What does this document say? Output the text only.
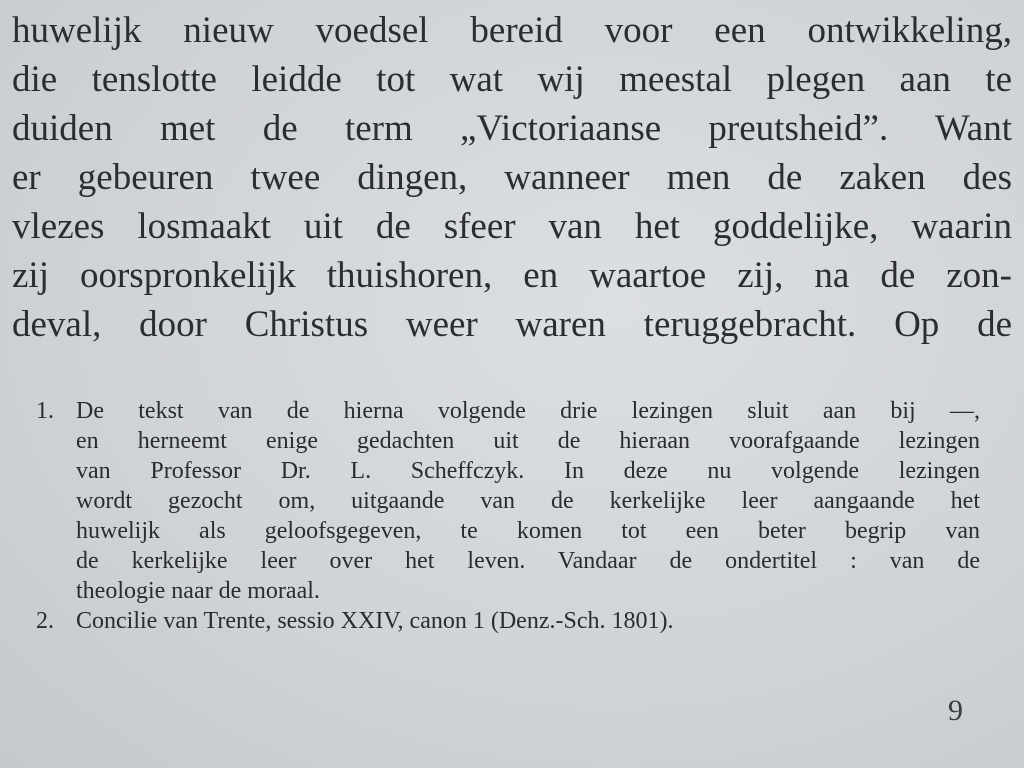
huwelijk nieuw voedsel bereid voor een ontwikkeling,
die tenslotte leidde tot wat wij meestal plegen aan te
duiden met de term „Victoriaanse preutsheid”. Want
er gebeuren twee dingen, wanneer men de zaken des
vlezes losmaakt uit de sfeer van het goddelijke, waarin
zij oorspronkelijk thuishoren, en waartoe zij, na de zon-
deval, door Christus weer waren teruggebracht. Op de
1. De tekst van de hierna volgende drie lezingen sluit aan bij —,
en herneemt enige gedachten uit de hieraan voorafgaande lezingen
van Professor Dr. L. Scheffczyk. In deze nu volgende lezingen
wordt gezocht om, uitgaande van de kerkelijke leer aangaande het
huwelijk als geloofsgegeven, te komen tot een beter begrip van
de kerkelijke leer over het leven. Vandaar de ondertitel : van de
theologie naar de moraal.
2. Concilie van Trente, sessio XXIV, canon 1 (Denz.-Sch. 1801).
9
